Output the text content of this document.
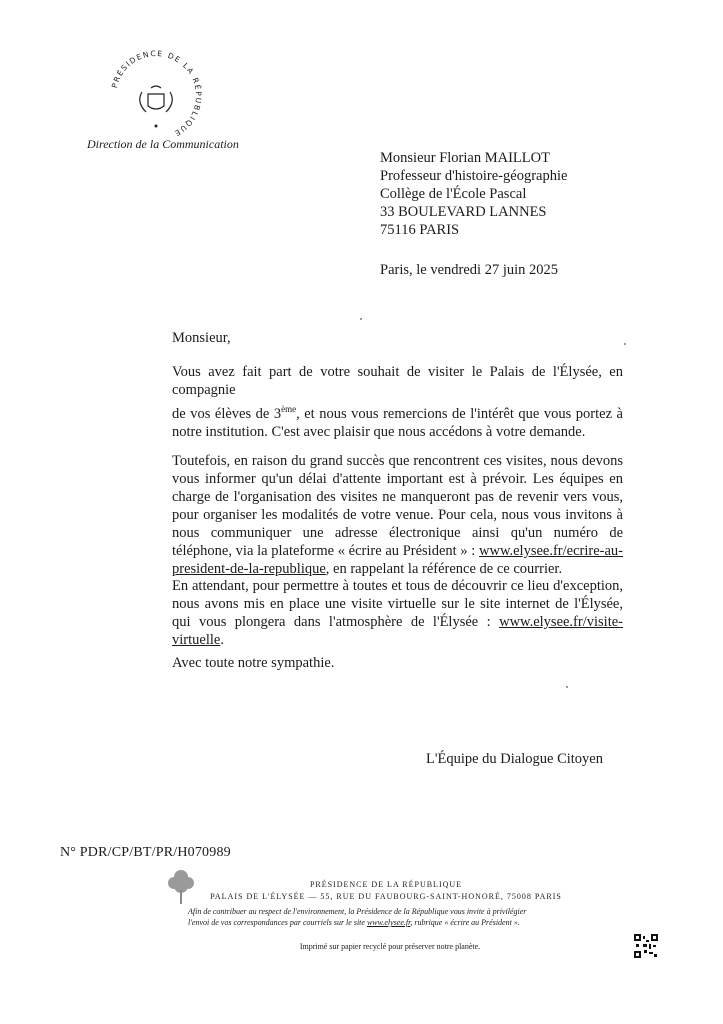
PRÉSIDENCE DE LA RÉPUBLIQUE
Direction de la Communication
Monsieur Florian MAILLOT
Professeur d'histoire-géographie
Collège de l'École Pascal
33 BOULEVARD LANNES
75116 PARIS
Paris, le vendredi 27 juin 2025
Monsieur,
Vous avez fait part de votre souhait de visiter le Palais de l'Élysée, en compagnie
de vos élèves de 3ème, et nous vous remercions de l'intérêt que vous portez à notre institution. C'est avec plaisir que nous accédons à votre demande.
Toutefois, en raison du grand succès que rencontrent ces visites, nous devons vous informer qu'un délai d'attente important est à prévoir. Les équipes en charge de l'organisation des visites ne manqueront pas de revenir vers vous, pour organiser les modalités de votre venue. Pour cela, nous vous invitons à nous communiquer une adresse électronique ainsi qu'un numéro de téléphone, via la plateforme « écrire au Président » : www.elysee.fr/ecrire-au-president-de-la-republique, en rappelant la référence de ce courrier.
En attendant, pour permettre à toutes et tous de découvrir ce lieu d'exception, nous avons mis en place une visite virtuelle sur le site internet de l'Élysée, qui vous plongera dans l'atmosphère de l'Élysée : www.elysee.fr/visite-virtuelle.
Avec toute notre sympathie.
L'Équipe du Dialogue Citoyen
N° PDR/CP/BT/PR/H070989
PRÉSIDENCE DE LA RÉPUBLIQUE
PALAIS DE L'ÉLYSÉE — 55, RUE DU FAUBOURG-SAINT-HONORÉ, 75008 PARIS
Afin de contribuer au respect de l'environnement, la Présidence de la République vous invite à privilégier
l'envoi de vos correspondances par courriels sur le site www.elysee.fr, rubrique « écrire au Président ».
Imprimé sur papier recyclé pour préserver notre planète.
